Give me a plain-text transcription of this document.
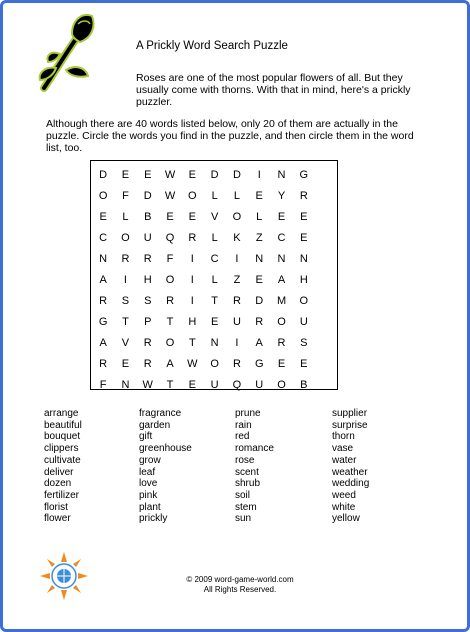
A Prickly Word Search Puzzle
Roses are one of the most popular flowers of all. But they usually come with thorns. With that in mind, here's a prickly puzzler.
Although there are 40 words listed below, only 20 of them are actually in the puzzle. Circle the words you find in the puzzle, and then circle them in the word list, too.
D	E	E	W	E	D	D	I	N	G
O	F	D	W	O	L	L	E	Y	R
E	L	B	E	E	V	O	L	E	E
C	O	U	Q	R	L	K	Z	C	E
N	R	R	F	I	C	I	N	N	N
A	I	H	O	I	L	Z	E	A	H
R	S	S	R	I	T	R	D	M	O
G	T	P	T	H	E	U	R	O	U
A	V	R	O	T	N	I	A	R	S
R	E	R	A	W	O	R	G	E	E
F	N	W	T	E	U	Q	U	O	B
arrange
beautiful
bouquet
clippers
cultivate
deliver
dozen
fertilizer
florist
flower
fragrance
garden
gift
greenhouse
grow
leaf
love
pink
plant
prickly
prune
rain
red
romance
rose
scent
shrub
soil
stem
sun
supplier
surprise
thorn
vase
water
weather
wedding
weed
white
yellow
© 2009 word-game-world.com
All Rights Reserved.
